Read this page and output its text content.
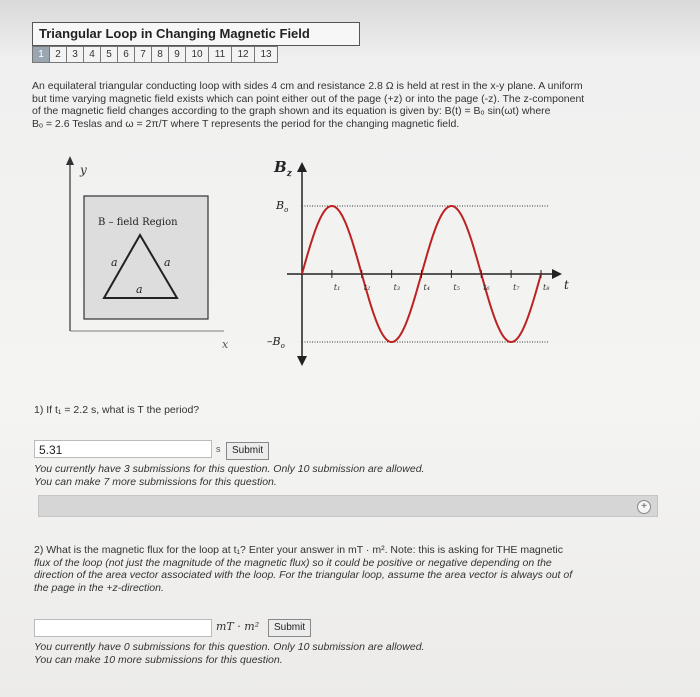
Triangular Loop in Changing Magnetic Field
1	2	3	4	5	6	7	8	9	10	11	12	13
An equilateral triangular conducting loop with sides 4 cm and resistance 2.8 Ω is held at rest in the x-y plane. A uniform
but time varying magnetic field exists which can point either out of the page (+z) or into the page (-z). The z-component
of the magnetic field changes according to the graph shown and its equation is given by: B(t) = Bₒ sin(ωt) where
Bₒ = 2.6 Teslas and ω = 2π/T where T represents the period for the changing magnetic field.
y
x
B – field Region
a	a
a
$B_z$
t
$B_o$
$-B_o$
t₁	t₂	t₃	t₄	t₅	t₆	t₇	t₈
1) If t₁ = 2.2 s, what is T the period?
5.31	s	Submit
You currently have 3 submissions for this question. Only 10 submission are allowed.
You can make 7 more submissions for this question.
+
2) What is the magnetic flux for the loop at t₁? Enter your answer in mT · m². Note: this is asking for THE magnetic
flux of the loop (not just the magnitude of the magnetic flux) so it could be positive or negative depending on the
direction of the area vector associated with the loop. For the triangular loop, assume the area vector is always out of
the page in the +z-direction.
mT · m²	Submit
You currently have 0 submissions for this question. Only 10 submission are allowed.
You can make 10 more submissions for this question.
